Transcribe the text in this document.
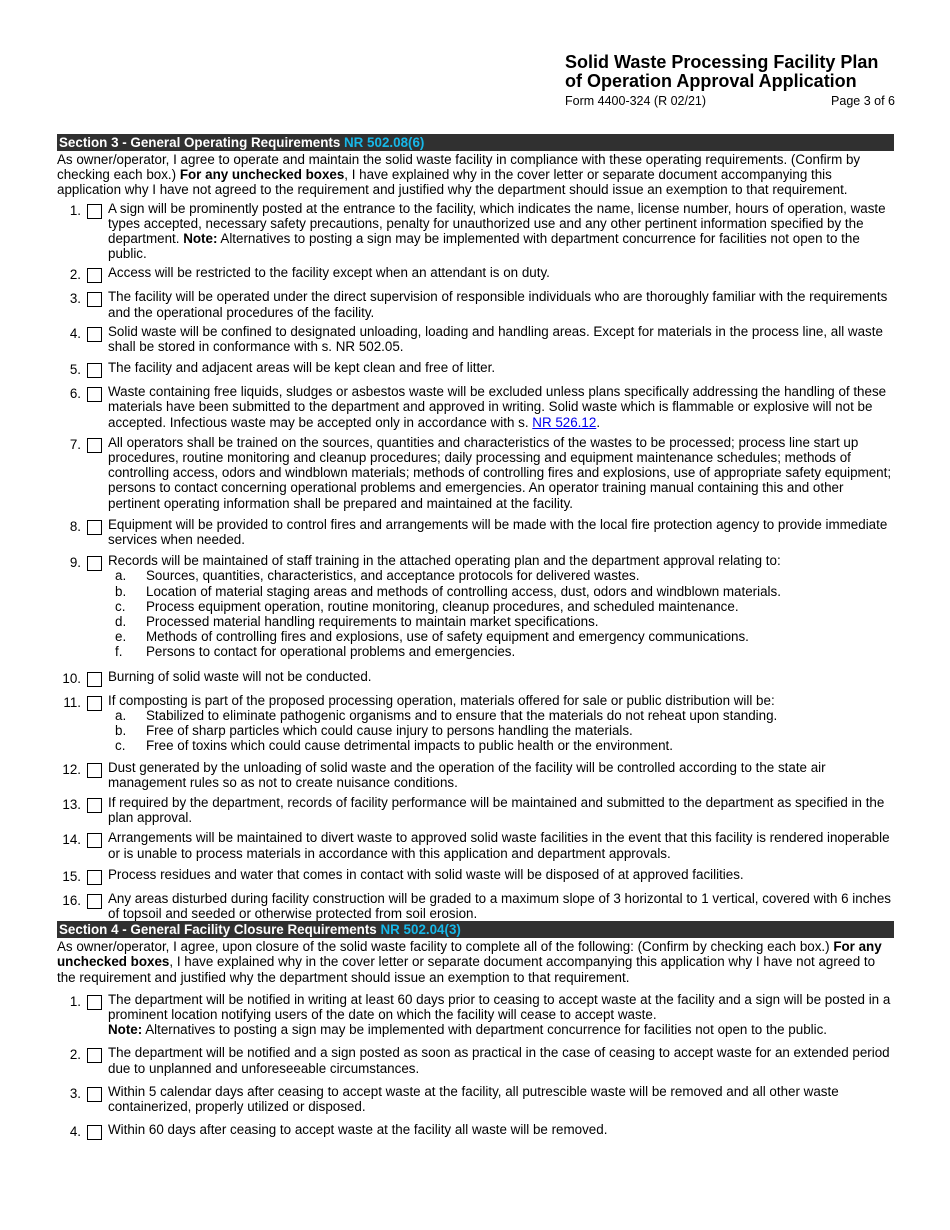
Solid Waste Processing Facility Plan
of Operation Approval Application
Form 4400-324 (R 02/21)	Page 3 of 6
Section 3 - General Operating Requirements NR 502.08(6)
As owner/operator, I agree to operate and maintain the solid waste facility in compliance with these operating requirements. (Confirm by checking each box.) For any unchecked boxes, I have explained why in the cover letter or separate document accompanying this application why I have not agreed to the requirement and justified why the department should issue an exemption to that requirement.
1. A sign will be prominently posted at the entrance to the facility, which indicates the name, license number, hours of operation, waste types accepted, necessary safety precautions, penalty for unauthorized use and any other pertinent information specified by the department. Note: Alternatives to posting a sign may be implemented with department concurrence for facilities not open to the public.
2. Access will be restricted to the facility except when an attendant is on duty.
3. The facility will be operated under the direct supervision of responsible individuals who are thoroughly familiar with the requirements and the operational procedures of the facility.
4. Solid waste will be confined to designated unloading, loading and handling areas. Except for materials in the process line, all waste shall be stored in conformance with s. NR 502.05.
5. The facility and adjacent areas will be kept clean and free of litter.
6. Waste containing free liquids, sludges or asbestos waste will be excluded unless plans specifically addressing the handling of these materials have been submitted to the department and approved in writing. Solid waste which is flammable or explosive will not be accepted. Infectious waste may be accepted only in accordance with s. NR 526.12.
7. All operators shall be trained on the sources, quantities and characteristics of the wastes to be processed; process line start up procedures, routine monitoring and cleanup procedures; daily processing and equipment maintenance schedules; methods of controlling access, odors and windblown materials; methods of controlling fires and explosions, use of appropriate safety equipment; persons to contact concerning operational problems and emergencies. An operator training manual containing this and other pertinent operating information shall be prepared and maintained at the facility.
8. Equipment will be provided to control fires and arrangements will be made with the local fire protection agency to provide immediate services when needed.
9. Records will be maintained of staff training in the attached operating plan and the department approval relating to:
a.	Sources, quantities, characteristics, and acceptance protocols for delivered wastes.
b.	Location of material staging areas and methods of controlling access, dust, odors and windblown materials.
c.	Process equipment operation, routine monitoring, cleanup procedures, and scheduled maintenance.
d.	Processed material handling requirements to maintain market specifications.
e.	Methods of controlling fires and explosions, use of safety equipment and emergency communications.
f.	Persons to contact for operational problems and emergencies.
10. Burning of solid waste will not be conducted.
11. If composting is part of the proposed processing operation, materials offered for sale or public distribution will be:
a.	Stabilized to eliminate pathogenic organisms and to ensure that the materials do not reheat upon standing.
b.	Free of sharp particles which could cause injury to persons handling the materials.
c.	Free of toxins which could cause detrimental impacts to public health or the environment.
12. Dust generated by the unloading of solid waste and the operation of the facility will be controlled according to the state air management rules so as not to create nuisance conditions.
13. If required by the department, records of facility performance will be maintained and submitted to the department as specified in the plan approval.
14. Arrangements will be maintained to divert waste to approved solid waste facilities in the event that this facility is rendered inoperable or is unable to process materials in accordance with this application and department approvals.
15. Process residues and water that comes in contact with solid waste will be disposed of at approved facilities.
16. Any areas disturbed during facility construction will be graded to a maximum slope of 3 horizontal to 1 vertical, covered with 6 inches of topsoil and seeded or otherwise protected from soil erosion.
Section 4 - General Facility Closure Requirements NR 502.04(3)
As owner/operator, I agree, upon closure of the solid waste facility to complete all of the following: (Confirm by checking each box.) For any unchecked boxes, I have explained why in the cover letter or separate document accompanying this application why I have not agreed to the requirement and justified why the department should issue an exemption to that requirement.
1. The department will be notified in writing at least 60 days prior to ceasing to accept waste at the facility and a sign will be posted in a prominent location notifying users of the date on which the facility will cease to accept waste.
Note: Alternatives to posting a sign may be implemented with department concurrence for facilities not open to the public.
2. The department will be notified and a sign posted as soon as practical in the case of ceasing to accept waste for an extended period due to unplanned and unforeseeable circumstances.
3. Within 5 calendar days after ceasing to accept waste at the facility, all putrescible waste will be removed and all other waste containerized, properly utilized or disposed.
4. Within 60 days after ceasing to accept waste at the facility all waste will be removed.
